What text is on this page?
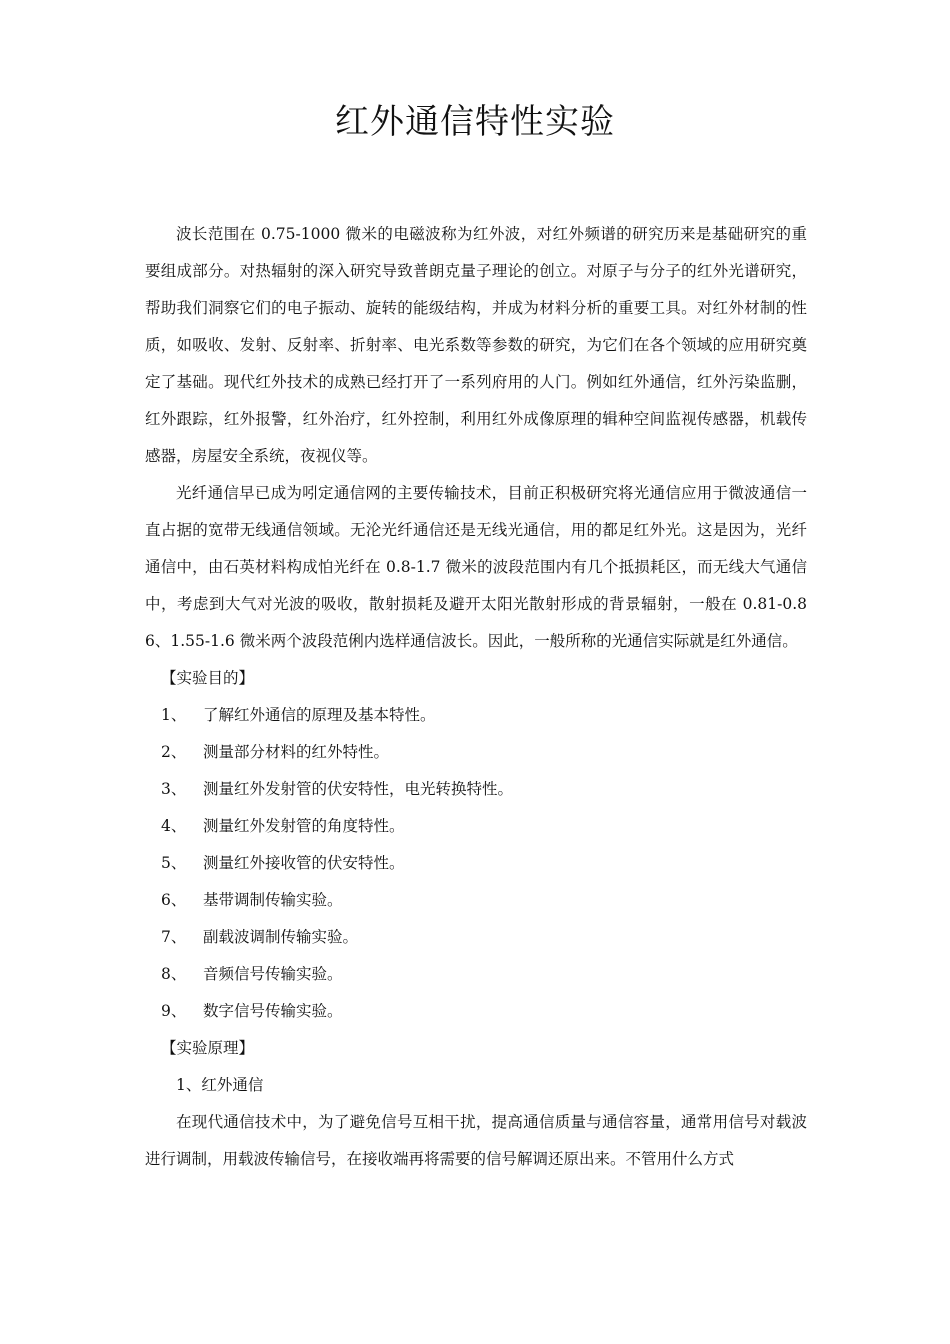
红外通信特性实验

波长范围在 0.75-1000 微米的电磁波称为红外波，对红外频谱的研究历来是基础研究的重要组成部分。对热辐射的深入研究导致普朗克量子理论的创立。对原子与分子的红外光谱研究，帮助我们洞察它们的电子振动、旋转的能级结构，并成为材料分析的重要工具。对红外材制的性质，如吸收、发射、反射率、折射率、电光系数等参数的研究，为它们在各个领域的应用研究奠定了基础。现代红外技术的成熟已经打开了一系列府用的人门。例如红外通信，红外污染监删，红外跟踪，红外报警，红外治疗，红外控制，利用红外成像原理的辑种空间监视传感器，机载传感器，房屋安全系统，夜视仪等。

光纤通信早已成为吲定通信网的主要传输技术，目前正积极研究将光通信应用于微波通信一直占据的宽带无线通信领域。无沦光纤通信还是无线光通信，用的都足红外光。这是因为，光纤通信中，由石英材料构成怕光纤在 0.8-1.7 微米的波段范围内有几个抵损耗区，而无线大气通信中，考虑到大气对光波的吸收，散射损耗及避开太阳光散射形成的背景辐射，一般在 0.81-0.86、1.55-1.6 微米两个波段范俐内选样通信波长。因此，一般所称的光通信实际就是红外通信。

【实验目的】

1、	了解红外通信的原理及基本特性。
2、	测量部分材料的红外特性。
3、	测量红外发射管的伏安特性，电光转换特性。
4、	测量红外发射管的角度特性。
5、	测量红外接收管的伏安特性。
6、	基带调制传输实验。
7、	副载波调制传输实验。
8、	音频信号传输实验。
9、	数字信号传输实验。

【实验原理】

1、红外通信

在现代通信技术中，为了避免信号互相干扰，提高通信质量与通信容量，通常用信号对载波进行调制，用载波传输信号，在接收端再将需要的信号解调还原出来。不管用什么方式
